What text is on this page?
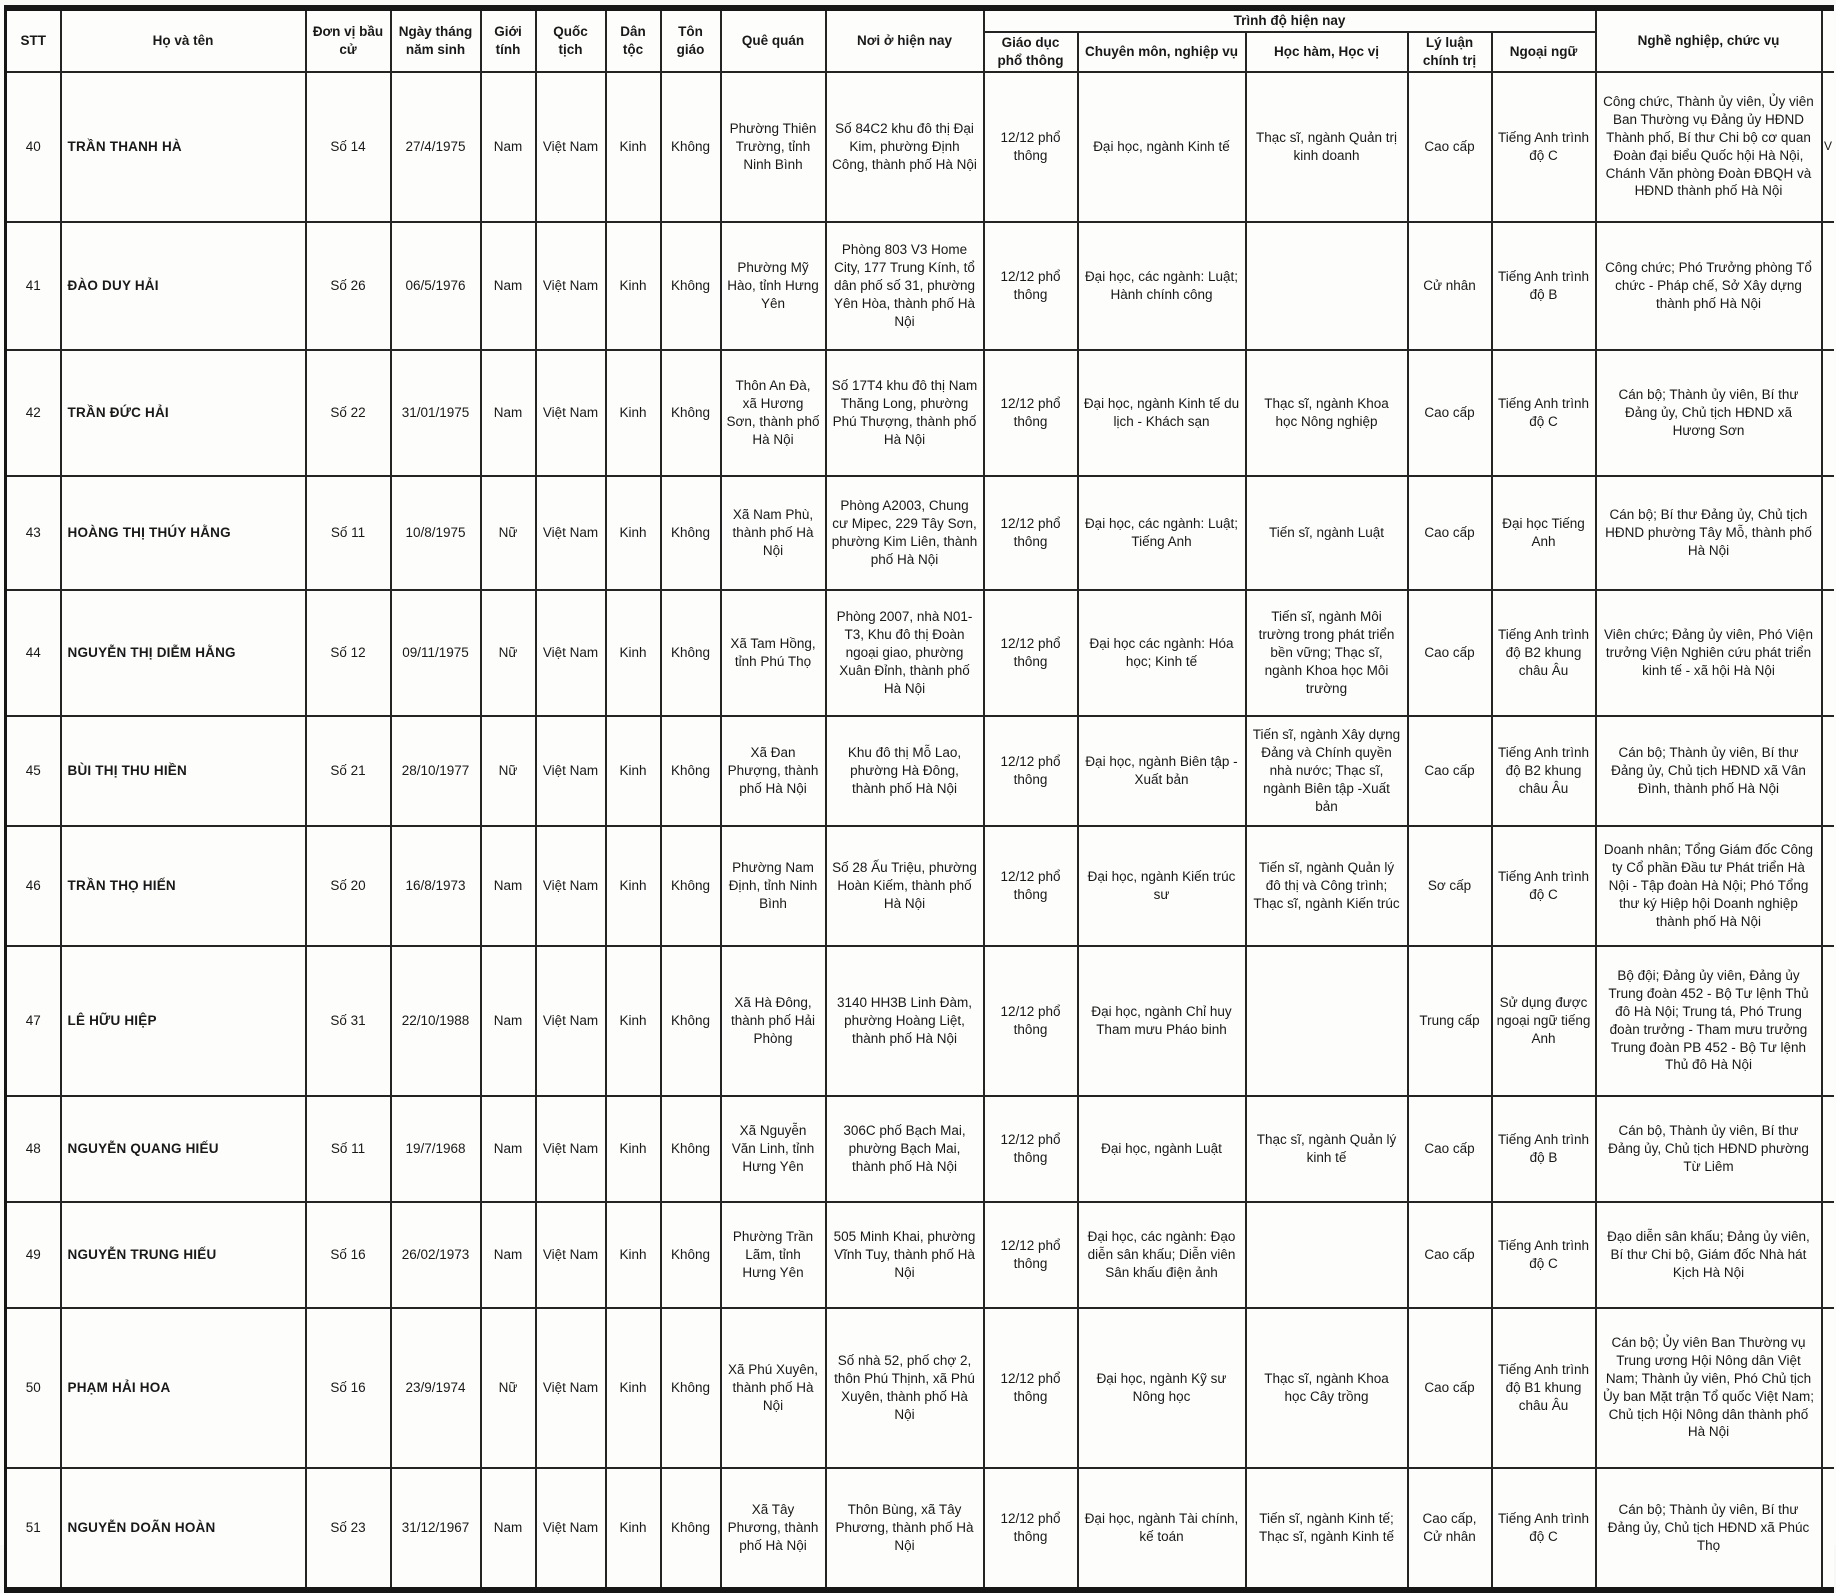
STT	Họ và tên	Đơn vị bầu cử	Ngày tháng năm sinh	Giới tính	Quốc tịch	Dân tộc	Tôn giáo	Quê quán	Nơi ở hiện nay	Trình độ hiện nay					Nghề nghiệp, chức vụ	
										Giáo dục phổ thông	Chuyên môn, nghiệp vụ	Học hàm, Học vị	Lý luận chính trị	Ngoại ngữ		
40	TRẦN THANH HÀ	Số 14	27/4/1975	Nam	Việt Nam	Kinh	Không	Phường Thiên Trường, tỉnh Ninh Bình	Số 84C2 khu đô thị Đại Kim, phường Định Công, thành phố Hà Nội	12/12 phổ thông	Đại học, ngành Kinh tế	Thạc sĩ, ngành Quản trị kinh doanh	Cao cấp	Tiếng Anh trình độ C	Công chức, Thành ủy viên, Ủy viên Ban Thường vụ Đảng ủy HĐND Thành phố, Bí thư Chi bộ cơ quan Đoàn đại biểu Quốc hội Hà Nội, Chánh Văn phòng Đoàn ĐBQH và HĐND thành phố Hà Nội	V
41	ĐÀO DUY HẢI	Số 26	06/5/1976	Nam	Việt Nam	Kinh	Không	Phường Mỹ Hào, tỉnh Hưng Yên	Phòng 803 V3 Home City, 177 Trung Kính, tổ dân phố số 31, phường Yên Hòa, thành phố Hà Nội	12/12 phổ thông	Đại học, các ngành: Luật; Hành chính công		Cử nhân	Tiếng Anh trình độ B	Công chức; Phó Trưởng phòng Tổ chức - Pháp chế, Sở Xây dựng thành phố Hà Nội	
42	TRẦN ĐỨC HẢI	Số 22	31/01/1975	Nam	Việt Nam	Kinh	Không	Thôn An Đà, xã Hương Sơn, thành phố Hà Nội	Số 17T4 khu đô thị Nam Thăng Long, phường Phú Thượng, thành phố Hà Nội	12/12 phổ thông	Đại học, ngành Kinh tế du lịch - Khách sạn	Thạc sĩ, ngành Khoa học Nông nghiệp	Cao cấp	Tiếng Anh trình độ C	Cán bộ; Thành ủy viên, Bí thư Đảng ủy, Chủ tịch HĐND xã Hương Sơn	
43	HOÀNG THỊ THÚY HẰNG	Số 11	10/8/1975	Nữ	Việt Nam	Kinh	Không	Xã Nam Phù, thành phố Hà Nội	Phòng A2003, Chung cư Mipec, 229 Tây Sơn, phường Kim Liên, thành phố Hà Nội	12/12 phổ thông	Đại học, các ngành: Luật; Tiếng Anh	Tiến sĩ, ngành Luật	Cao cấp	Đại học Tiếng Anh	Cán bộ; Bí thư Đảng ủy, Chủ tịch HĐND phường Tây Mỗ, thành phố Hà Nội	
44	NGUYỄN THỊ DIỄM HẰNG	Số 12	09/11/1975	Nữ	Việt Nam	Kinh	Không	Xã Tam Hồng, tỉnh Phú Thọ	Phòng 2007, nhà N01-T3, Khu đô thị Đoàn ngoại giao, phường Xuân Đỉnh, thành phố Hà Nội	12/12 phổ thông	Đại học các ngành: Hóa học; Kinh tế	Tiến sĩ, ngành Môi trường trong phát triển bền vững; Thạc sĩ, ngành Khoa học Môi trường	Cao cấp	Tiếng Anh trình độ B2 khung châu Âu	Viên chức; Đảng ủy viên, Phó Viện trưởng Viện Nghiên cứu phát triển kinh tế - xã hội Hà Nội	
45	BÙI THỊ THU HIỀN	Số 21	28/10/1977	Nữ	Việt Nam	Kinh	Không	Xã Đan Phượng, thành phố Hà Nội	Khu đô thị Mỗ Lao, phường Hà Đông, thành phố Hà Nội	12/12 phổ thông	Đại học, ngành Biên tập - Xuất bản	Tiến sĩ, ngành Xây dựng Đảng và Chính quyền nhà nước; Thạc sĩ, ngành Biên tập -Xuất bản	Cao cấp	Tiếng Anh trình độ B2 khung châu Âu	Cán bộ; Thành ủy viên, Bí thư Đảng ủy, Chủ tịch HĐND xã Vân Đình, thành phố Hà Nội	
46	TRẦN THỌ HIẾN	Số 20	16/8/1973	Nam	Việt Nam	Kinh	Không	Phường Nam Định, tỉnh Ninh Bình	Số 28 Ấu Triệu, phường Hoàn Kiếm, thành phố Hà Nội	12/12 phổ thông	Đại học, ngành Kiến trúc sư	Tiến sĩ, ngành Quản lý đô thị và Công trình; Thạc sĩ, ngành Kiến trúc	Sơ cấp	Tiếng Anh trình độ C	Doanh nhân; Tổng Giám đốc Công ty Cổ phần Đầu tư Phát triển Hà Nội - Tập đoàn Hà Nội; Phó Tổng thư ký Hiệp hội Doanh nghiệp thành phố Hà Nội	
47	LÊ HỮU HIỆP	Số 31	22/10/1988	Nam	Việt Nam	Kinh	Không	Xã Hà Đông, thành phố Hải Phòng	3140 HH3B Linh Đàm, phường Hoàng Liệt, thành phố Hà Nội	12/12 phổ thông	Đại học, ngành Chỉ huy Tham mưu Pháo binh		Trung cấp	Sử dụng được ngoại ngữ tiếng Anh	Bộ đội; Đảng ủy viên, Đảng ủy Trung đoàn 452 - Bộ Tư lệnh Thủ đô Hà Nội; Trung tá, Phó Trung đoàn trưởng - Tham mưu trưởng Trung đoàn PB 452 - Bộ Tư lệnh Thủ đô Hà Nội	
48	NGUYỄN QUANG HIẾU	Số 11	19/7/1968	Nam	Việt Nam	Kinh	Không	Xã Nguyễn Văn Linh, tỉnh Hưng Yên	306C phố Bạch Mai, phường Bạch Mai, thành phố Hà Nội	12/12 phổ thông	Đại học, ngành Luật	Thạc sĩ, ngành Quản lý kinh tế	Cao cấp	Tiếng Anh trình độ B	Cán bộ, Thành ủy viên, Bí thư Đảng ủy, Chủ tịch HĐND phường Từ Liêm	
49	NGUYỄN TRUNG HIẾU	Số 16	26/02/1973	Nam	Việt Nam	Kinh	Không	Phường Trần Lãm, tỉnh Hưng Yên	505 Minh Khai, phường Vĩnh Tuy, thành phố Hà Nội	12/12 phổ thông	Đại học, các ngành: Đạo diễn sân khấu; Diễn viên Sân khấu điện ảnh		Cao cấp	Tiếng Anh trình độ C	Đạo diễn sân khấu; Đảng ủy viên, Bí thư Chi bộ, Giám đốc Nhà hát Kịch Hà Nội	
50	PHẠM HẢI HOA	Số 16	23/9/1974	Nữ	Việt Nam	Kinh	Không	Xã Phú Xuyên, thành phố Hà Nội	Số nhà 52, phố chợ 2, thôn Phú Thịnh, xã Phú Xuyên, thành phố Hà Nội	12/12 phổ thông	Đại học, ngành Kỹ sư Nông học	Thạc sĩ, ngành Khoa học Cây trồng	Cao cấp	Tiếng Anh trình độ B1 khung châu Âu	Cán bộ; Ủy viên Ban Thường vụ Trung ương Hội Nông dân Việt Nam; Thành ủy viên, Phó Chủ tịch Ủy ban Mặt trận Tổ quốc Việt Nam; Chủ tịch Hội Nông dân thành phố Hà Nội	
51	NGUYỄN DOÃN HOÀN	Số 23	31/12/1967	Nam	Việt Nam	Kinh	Không	Xã Tây Phương, thành phố Hà Nội	Thôn Bùng, xã Tây Phương, thành phố Hà Nội	12/12 phổ thông	Đại học, ngành Tài chính, kế toán	Tiến sĩ, ngành Kinh tế; Thạc sĩ, ngành Kinh tế	Cao cấp, Cử nhân	Tiếng Anh trình độ C	Cán bộ; Thành ủy viên, Bí thư Đảng ủy, Chủ tịch HĐND xã Phúc Thọ	
